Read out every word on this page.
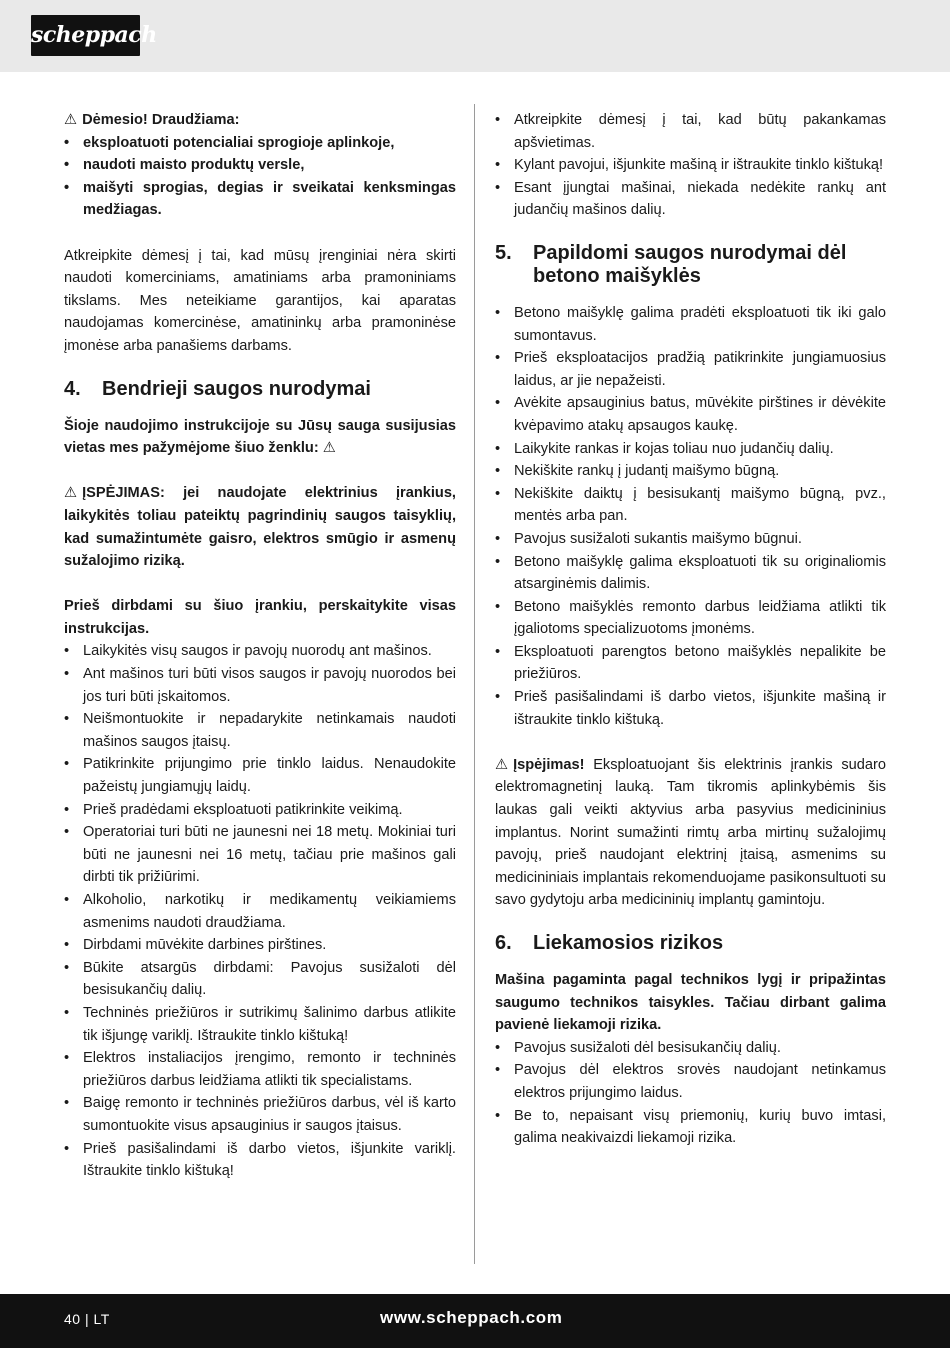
scheppach

⚠ Dėmesio! Draudžiama:

• eksploatuoti potencialiai sprogioje aplinkoje,
• naudoti maisto produktų versle,
• maišyti sprogias, degias ir sveikatai kenksmingas medžiagas.

Atkreipkite dėmesį į tai, kad mūsų įrenginiai nėra skirti naudoti komerciniams, amatiniams arba pramoniniams tikslams. Mes neteikiame garantijos, kai aparatas naudojamas komercinėse, amatininkų arba pramoninėse įmonėse arba panašiems darbams.

4.	Bendrieji saugos nurodymai

Šioje naudojimo instrukcijoje su Jūsų sauga susijusias vietas mes pažymėjome šiuo ženklu: ⚠

⚠ ĮSPĖJIMAS: jei naudojate elektrinius įrankius, laikykitės toliau pateiktų pagrindinių saugos taisyklių, kad sumažintumėte gaisro, elektros smūgio ir asmenų sužalojimo riziką.

Prieš dirbdami su šiuo įrankiu, perskaitykite visas instrukcijas.

• Laikykitės visų saugos ir pavojų nuorodų ant mašinos.
• Ant mašinos turi būti visos saugos ir pavojų nuorodos bei jos turi būti įskaitomos.
• Neišmontuokite ir nepadarykite netinkamais naudoti mašinos saugos įtaisų.
• Patikrinkite prijungimo prie tinklo laidus. Nenaudokite pažeistų jungiamųjų laidų.
• Prieš pradėdami eksploatuoti patikrinkite veikimą.
• Operatoriai turi būti ne jaunesni nei 18 metų. Mokiniai turi būti ne jaunesni nei 16 metų, tačiau prie mašinos gali dirbti tik prižiūrimi.
• Alkoholio, narkotikų ir medikamentų veikiamiems asmenims naudoti draudžiama.
• Dirbdami mūvėkite darbines pirštines.
• Būkite atsargūs dirbdami: Pavojus susižaloti dėl besisukančių dalių.
• Techninės priežiūros ir sutrikimų šalinimo darbus atlikite tik išjungę variklį. Ištraukite tinklo kištuką!
• Elektros instaliacijos įrengimo, remonto ir techninės priežiūros darbus leidžiama atlikti tik specialistams.
• Baigę remonto ir techninės priežiūros darbus, vėl iš karto sumontuokite visus apsauginius ir saugos įtaisus.
• Prieš pasišalindami iš darbo vietos, išjunkite variklį. Ištraukite tinklo kištuką!
• Atkreipkite dėmesį į tai, kad būtų pakankamas apšvietimas.
• Kylant pavojui, išjunkite mašiną ir ištraukite tinklo kištuką!
• Esant įjungtai mašinai, niekada nedėkite rankų ant judančių mašinos dalių.
5.	Papildomi saugos nurodymai dėl betono maišyklės
• Betono maišyklę galima pradėti eksploatuoti tik iki galo sumontavus.
• Prieš eksploatacijos pradžią patikrinkite jungiamuosius laidus, ar jie nepažeisti.
• Avėkite apsauginius batus, mūvėkite pirštines ir dėvėkite kvėpavimo atakų apsaugos kaukę.
• Laikykite rankas ir kojas toliau nuo judančių dalių.
• Nekiškite rankų į judantį maišymo būgną.
• Nekiškite daiktų į besisukantį maišymo būgną, pvz., mentės arba pan.
• Pavojus susižaloti sukantis maišymo būgnui.
• Betono maišyklę galima eksploatuoti tik su originaliomis atsarginėmis dalimis.
• Betono maišyklės remonto darbus leidžiama atlikti tik įgaliotoms specializuotoms įmonėms.
• Eksploatuoti parengtos betono maišyklės nepalikite be priežiūros.
• Prieš pasišalindami iš darbo vietos, išjunkite mašiną ir ištraukite tinklo kištuką.

⚠ Įspėjimas! Eksploatuojant šis elektrinis įrankis sudaro elektromagnetinį lauką. Tam tikromis aplinkybėmis šis laukas gali veikti aktyvius arba pasyvius medicininius implantus. Norint sumažinti rimtų arba mirtinų sužalojimų pavojų, prieš naudojant elektrinį įtaisą, asmenims su medicininiais implantais rekomenduojame pasikonsultuoti su savo gydytoju arba medicininių implantų gamintoju.

6.	Liekamosios rizikos

Mašina pagaminta pagal technikos lygį ir pripažintas saugumo technikos taisykles. Tačiau dirbant galima pavienė liekamoji rizika.

• Pavojus susižaloti dėl besisukančių dalių.
• Pavojus dėl elektros srovės naudojant netinkamus elektros prijungimo laidus.
• Be to, nepaisant visų priemonių, kurių buvo imtasi, galima neakivaizdi liekamoji rizika.
40 | LT	www.scheppach.com
